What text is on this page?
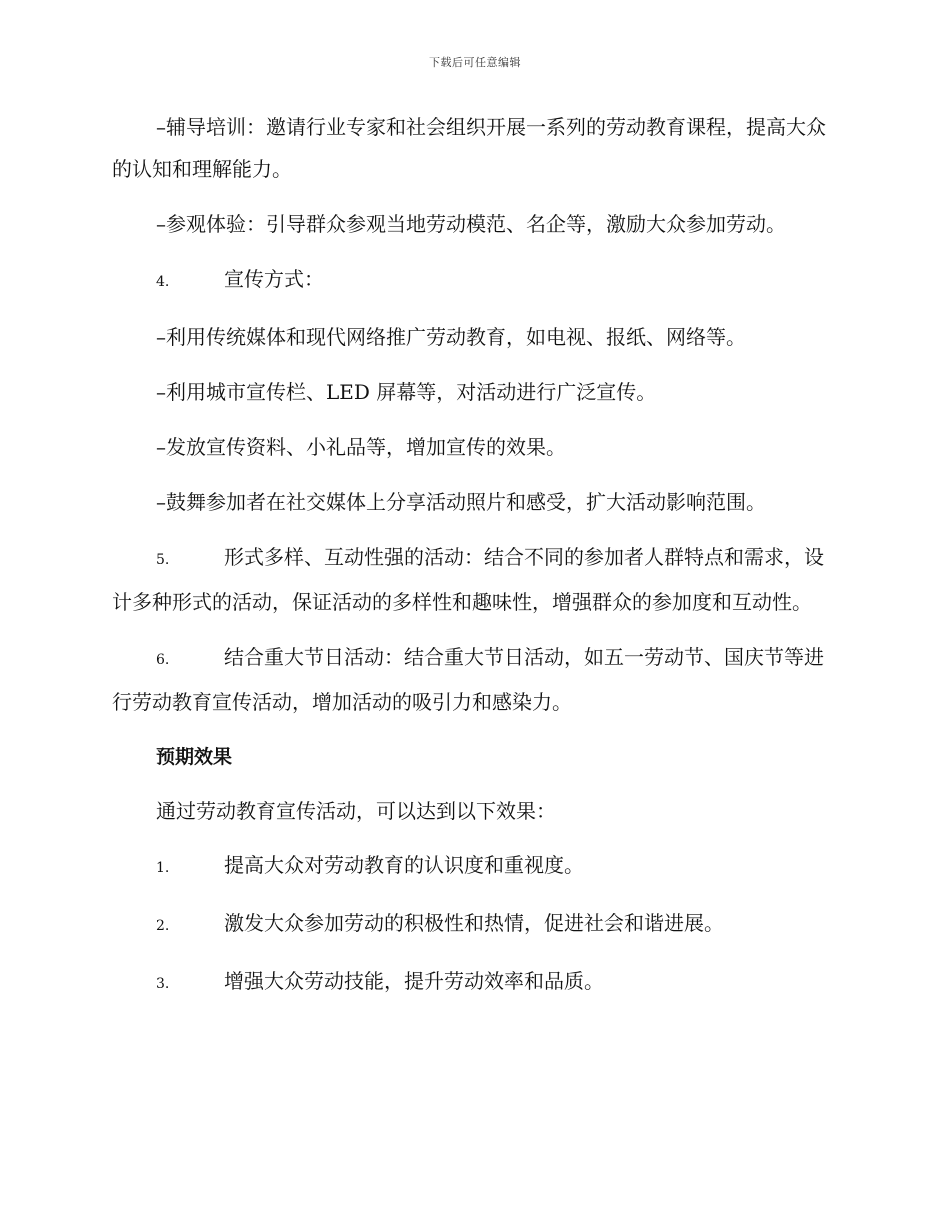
下载后可任意编辑

–辅导培训：邀请行业专家和社会组织开展一系列的劳动教育课程，提高大众的认知和理解能力。

–参观体验：引导群众参观当地劳动模范、名企等，激励大众参加劳动。

4.	宣传方式：

–利用传统媒体和现代网络推广劳动教育，如电视、报纸、网络等。

–利用城市宣传栏、LED 屏幕等，对活动进行广泛宣传。

–发放宣传资料、小礼品等，增加宣传的效果。

–鼓舞参加者在社交媒体上分享活动照片和感受，扩大活动影响范围。

5.	形式多样、互动性强的活动：结合不同的参加者人群特点和需求，设计多种形式的活动，保证活动的多样性和趣味性，增强群众的参加度和互动性。

6.	结合重大节日活动：结合重大节日活动，如五一劳动节、国庆节等进行劳动教育宣传活动，增加活动的吸引力和感染力。

预期效果

通过劳动教育宣传活动，可以达到以下效果：

1.	提高大众对劳动教育的认识度和重视度。

2.	激发大众参加劳动的积极性和热情，促进社会和谐进展。

3.	增强大众劳动技能，提升劳动效率和品质。
